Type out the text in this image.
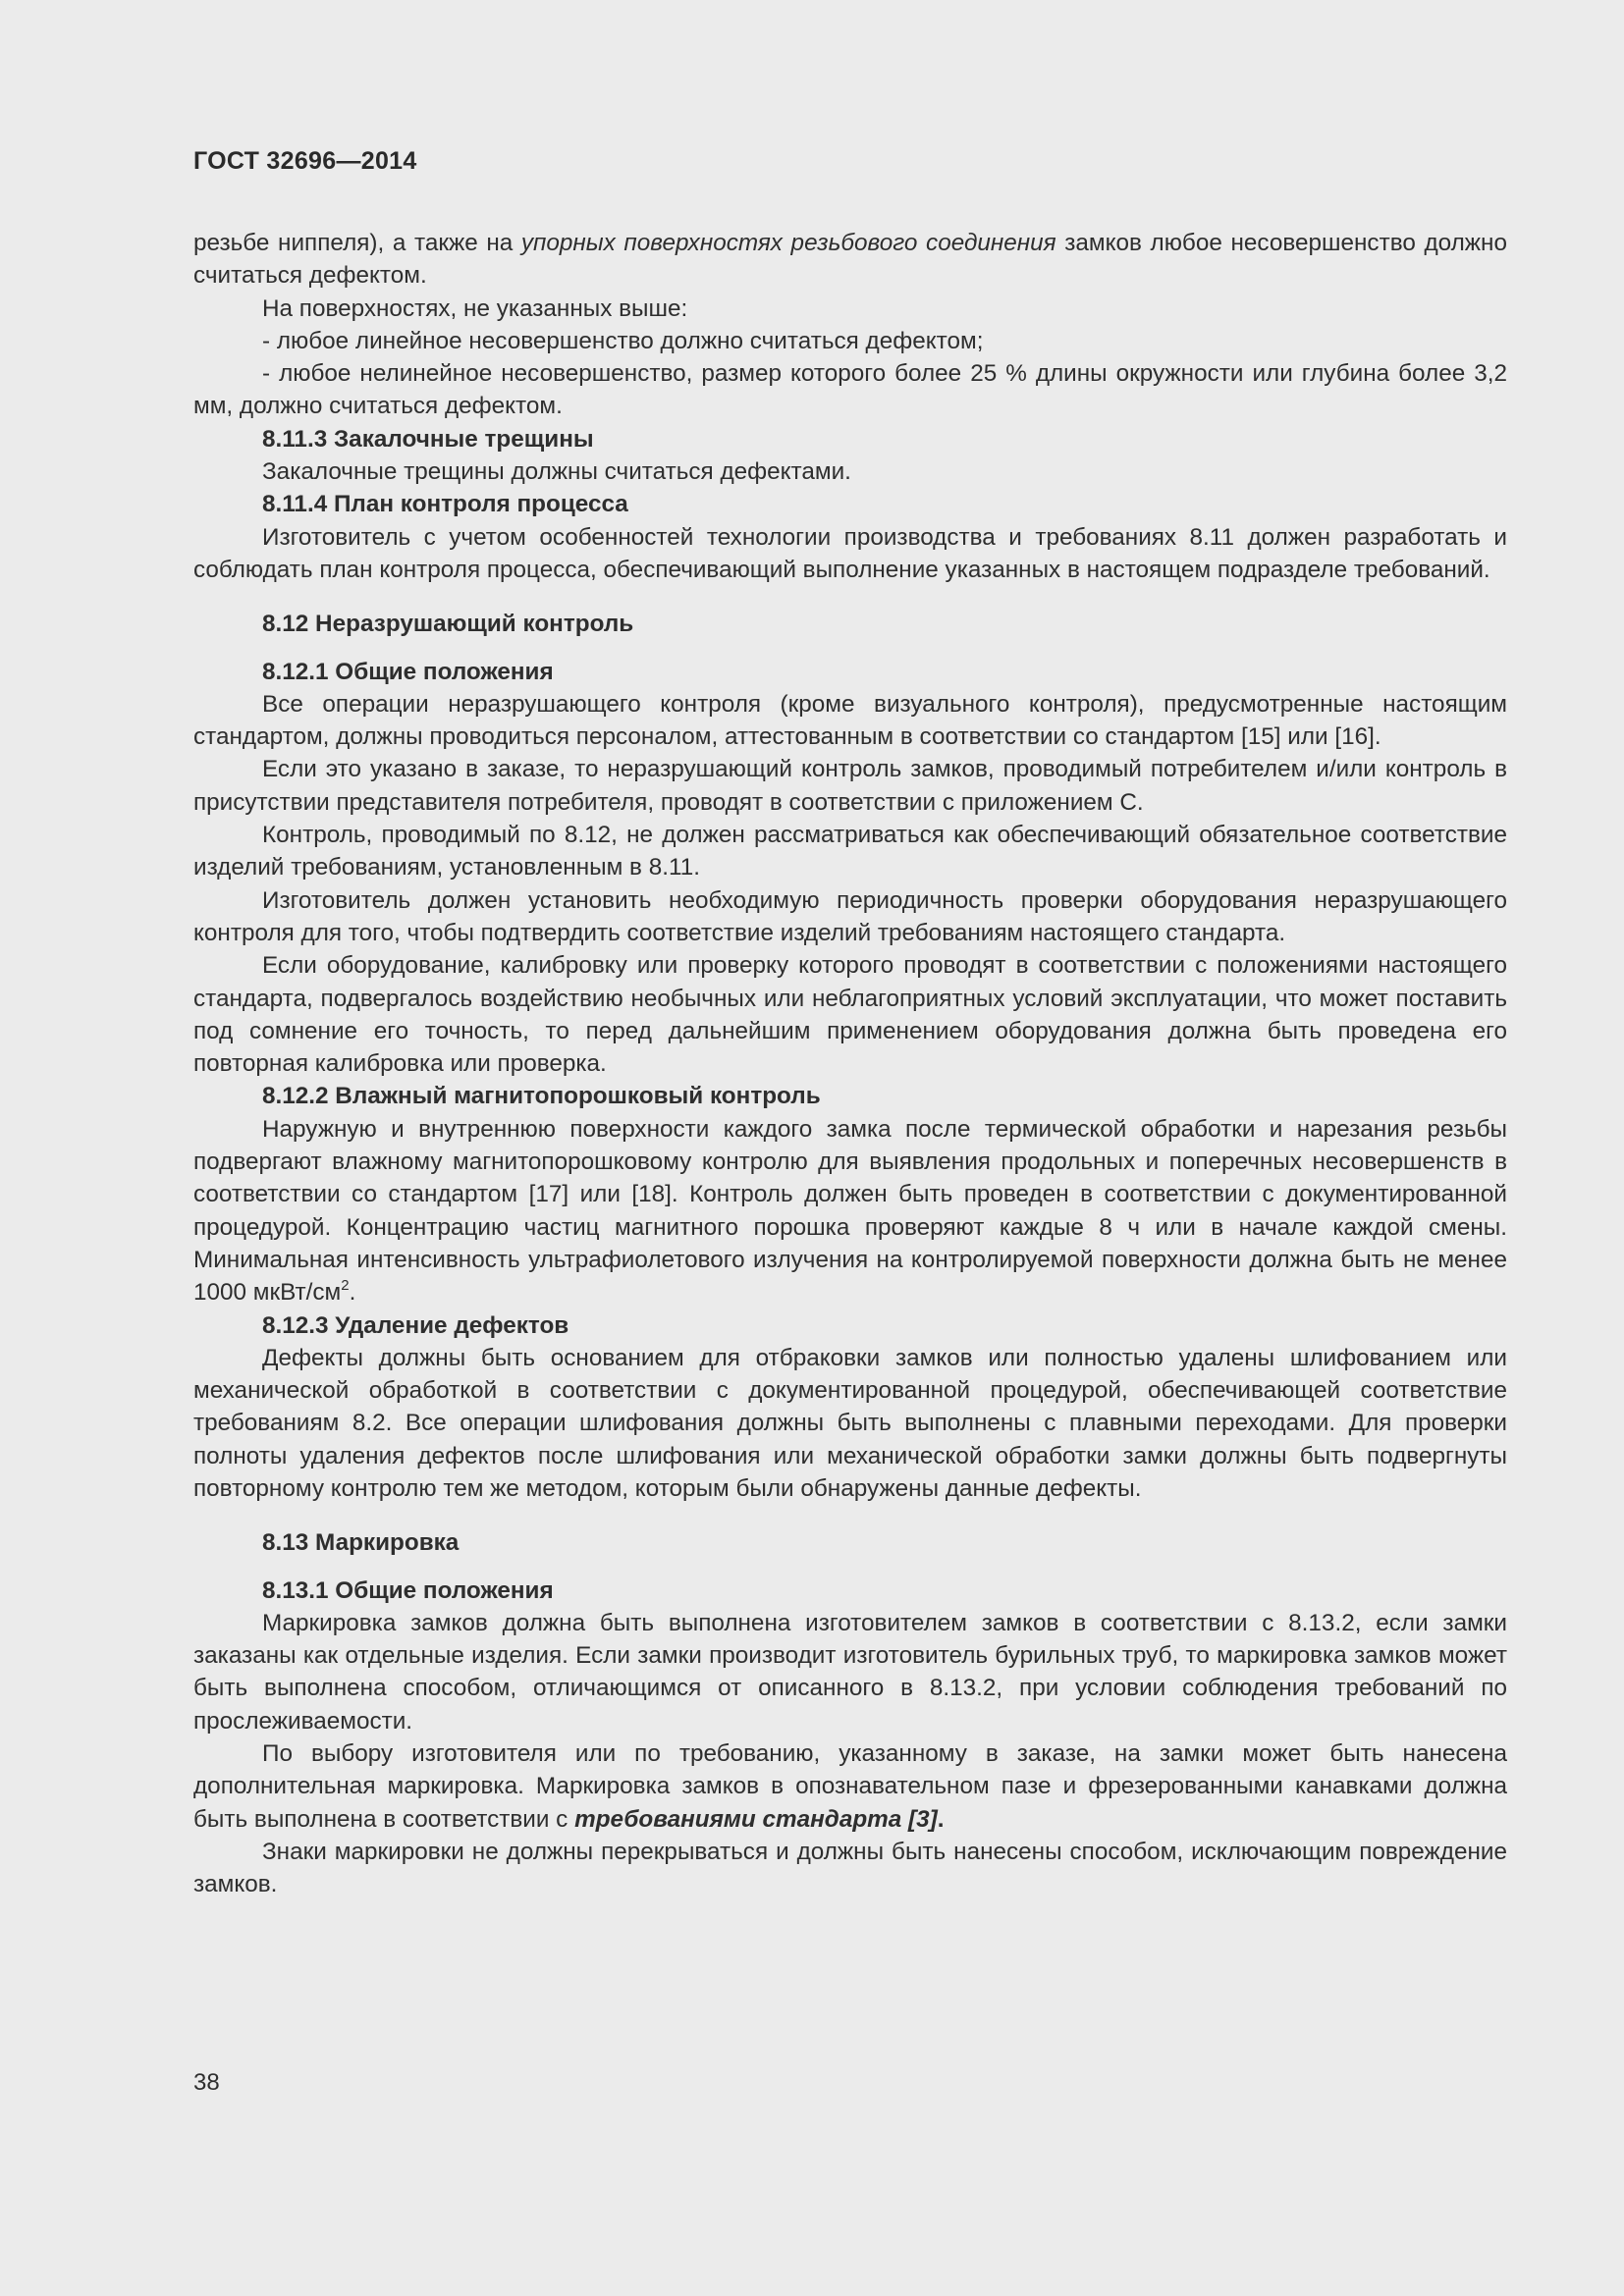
ГОСТ 32696—2014

резьбе ниппеля), а также на упорных поверхностях резьбового соединения замков любое несовершенство должно считаться дефектом.

На поверхностях, не указанных выше:

- любое линейное несовершенство должно считаться дефектом;

- любое нелинейное несовершенство, размер которого более 25 % длины окружности или глубина более 3,2 мм, должно считаться дефектом.

8.11.3 Закалочные трещины

Закалочные трещины должны считаться дефектами.

8.11.4 План контроля процесса

Изготовитель с учетом особенностей технологии производства и требованиях 8.11 должен разработать и соблюдать план контроля процесса, обеспечивающий выполнение указанных в настоящем подразделе требований.

8.12 Неразрушающий контроль

8.12.1 Общие положения

Все операции неразрушающего контроля (кроме визуального контроля), предусмотренные настоящим стандартом, должны проводиться персоналом, аттестованным в соответствии со стандартом [15] или [16].

Если это указано в заказе, то неразрушающий контроль замков, проводимый потребителем и/или контроль в присутствии представителя потребителя, проводят в соответствии с приложением С.

Контроль, проводимый по 8.12, не должен рассматриваться как обеспечивающий обязательное соответствие изделий требованиям, установленным в 8.11.

Изготовитель должен установить необходимую периодичность проверки оборудования неразрушающего контроля для того, чтобы подтвердить соответствие изделий требованиям настоящего стандарта.

Если оборудование, калибровку или проверку которого проводят в соответствии с положениями настоящего стандарта, подвергалось воздействию необычных или неблагоприятных условий эксплуатации, что может поставить под сомнение его точность, то перед дальнейшим применением оборудования должна быть проведена его повторная калибровка или проверка.

8.12.2 Влажный магнитопорошковый контроль

Наружную и внутреннюю поверхности каждого замка после термической обработки и нарезания резьбы подвергают влажному магнитопорошковому контролю для выявления продольных и поперечных несовершенств в соответствии со стандартом [17] или [18]. Контроль должен быть проведен в соответствии с документированной процедурой. Концентрацию частиц магнитного порошка проверяют каждые 8 ч или в начале каждой смены. Минимальная интенсивность ультрафиолетового излучения на контролируемой поверхности должна быть не менее 1000 мкВт/$см^2$.

8.12.3 Удаление дефектов

Дефекты должны быть основанием для отбраковки замков или полностью удалены шлифованием или механической обработкой в соответствии с документированной процедурой, обеспечивающей соответствие требованиям 8.2. Все операции шлифования должны быть выполнены с плавными переходами. Для проверки полноты удаления дефектов после шлифования или механической обработки замки должны быть подвергнуты повторному контролю тем же методом, которым были обнаружены данные дефекты.

8.13 Маркировка

8.13.1 Общие положения

Маркировка замков должна быть выполнена изготовителем замков в соответствии с 8.13.2, если замки заказаны как отдельные изделия. Если замки производит изготовитель бурильных труб, то маркировка замков может быть выполнена способом, отличающимся от описанного в 8.13.2, при условии соблюдения требований по прослеживаемости.

По выбору изготовителя или по требованию, указанному в заказе, на замки может быть нанесена дополнительная маркировка. Маркировка замков в опознавательном пазе и фрезерованными канавками должна быть выполнена в соответствии с требованиями стандарта [3].

Знаки маркировки не должны перекрываться и должны быть нанесены способом, исключающим повреждение замков.

38
